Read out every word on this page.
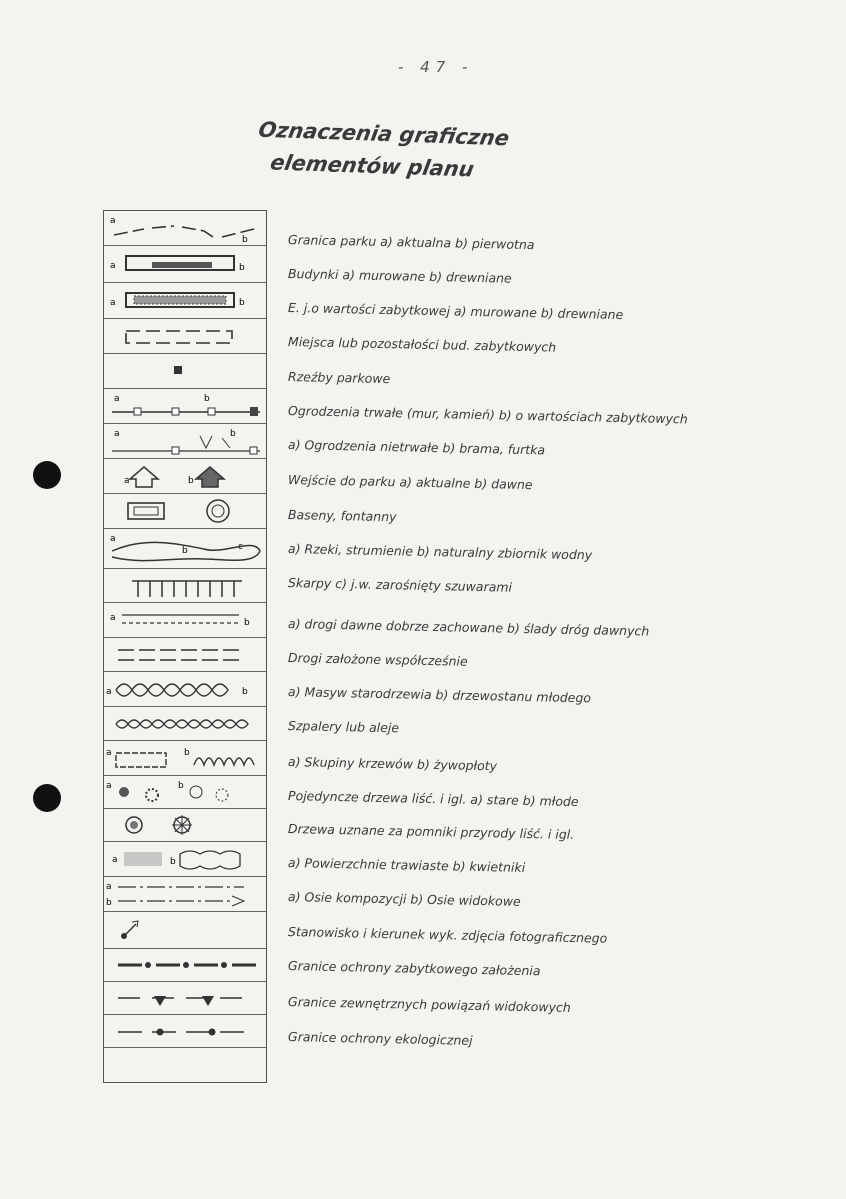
- 47 -
Oznaczenia graficzne
elementów planu
a
b
a	b
a	b
a	b
a	b
a	b
a
b	c
a	b
a	b
a	b
a	b
a	b
a
b
Granica parku a) aktualna b) pierwotna
Budynki a) murowane b) drewniane
E. j.o wartości zabytkowej a) murowane b) drewniane
Miejsca lub pozostałości bud. zabytkowych
Rzeźby parkowe
Ogrodzenia trwałe (mur, kamień) b) o wartościach zabytkowych
a) Ogrodzenia nietrwałe b) brama, furtka
Wejście do parku a) aktualne b) dawne
Baseny, fontanny
a) Rzeki, strumienie b) naturalny zbiornik wodny
Skarpy c) j.w. zarośnięty szuwarami
a) drogi dawne dobrze zachowane b) ślady dróg dawnych
Drogi założone współcześnie
a) Masyw starodrzewia b) drzewostanu młodego
Szpalery lub aleje
a) Skupiny krzewów b) żywopłoty
Pojedyncze drzewa liść. i igl. a) stare b) młode
Drzewa uznane za pomniki przyrody liść. i igl.
a) Powierzchnie trawiaste b) kwietniki
a) Osie kompozycji b) Osie widokowe
Stanowisko i kierunek wyk. zdjęcia fotograficznego
Granice ochrony zabytkowego założenia
Granice zewnętrznych powiązań widokowych
Granice ochrony ekologicznej
